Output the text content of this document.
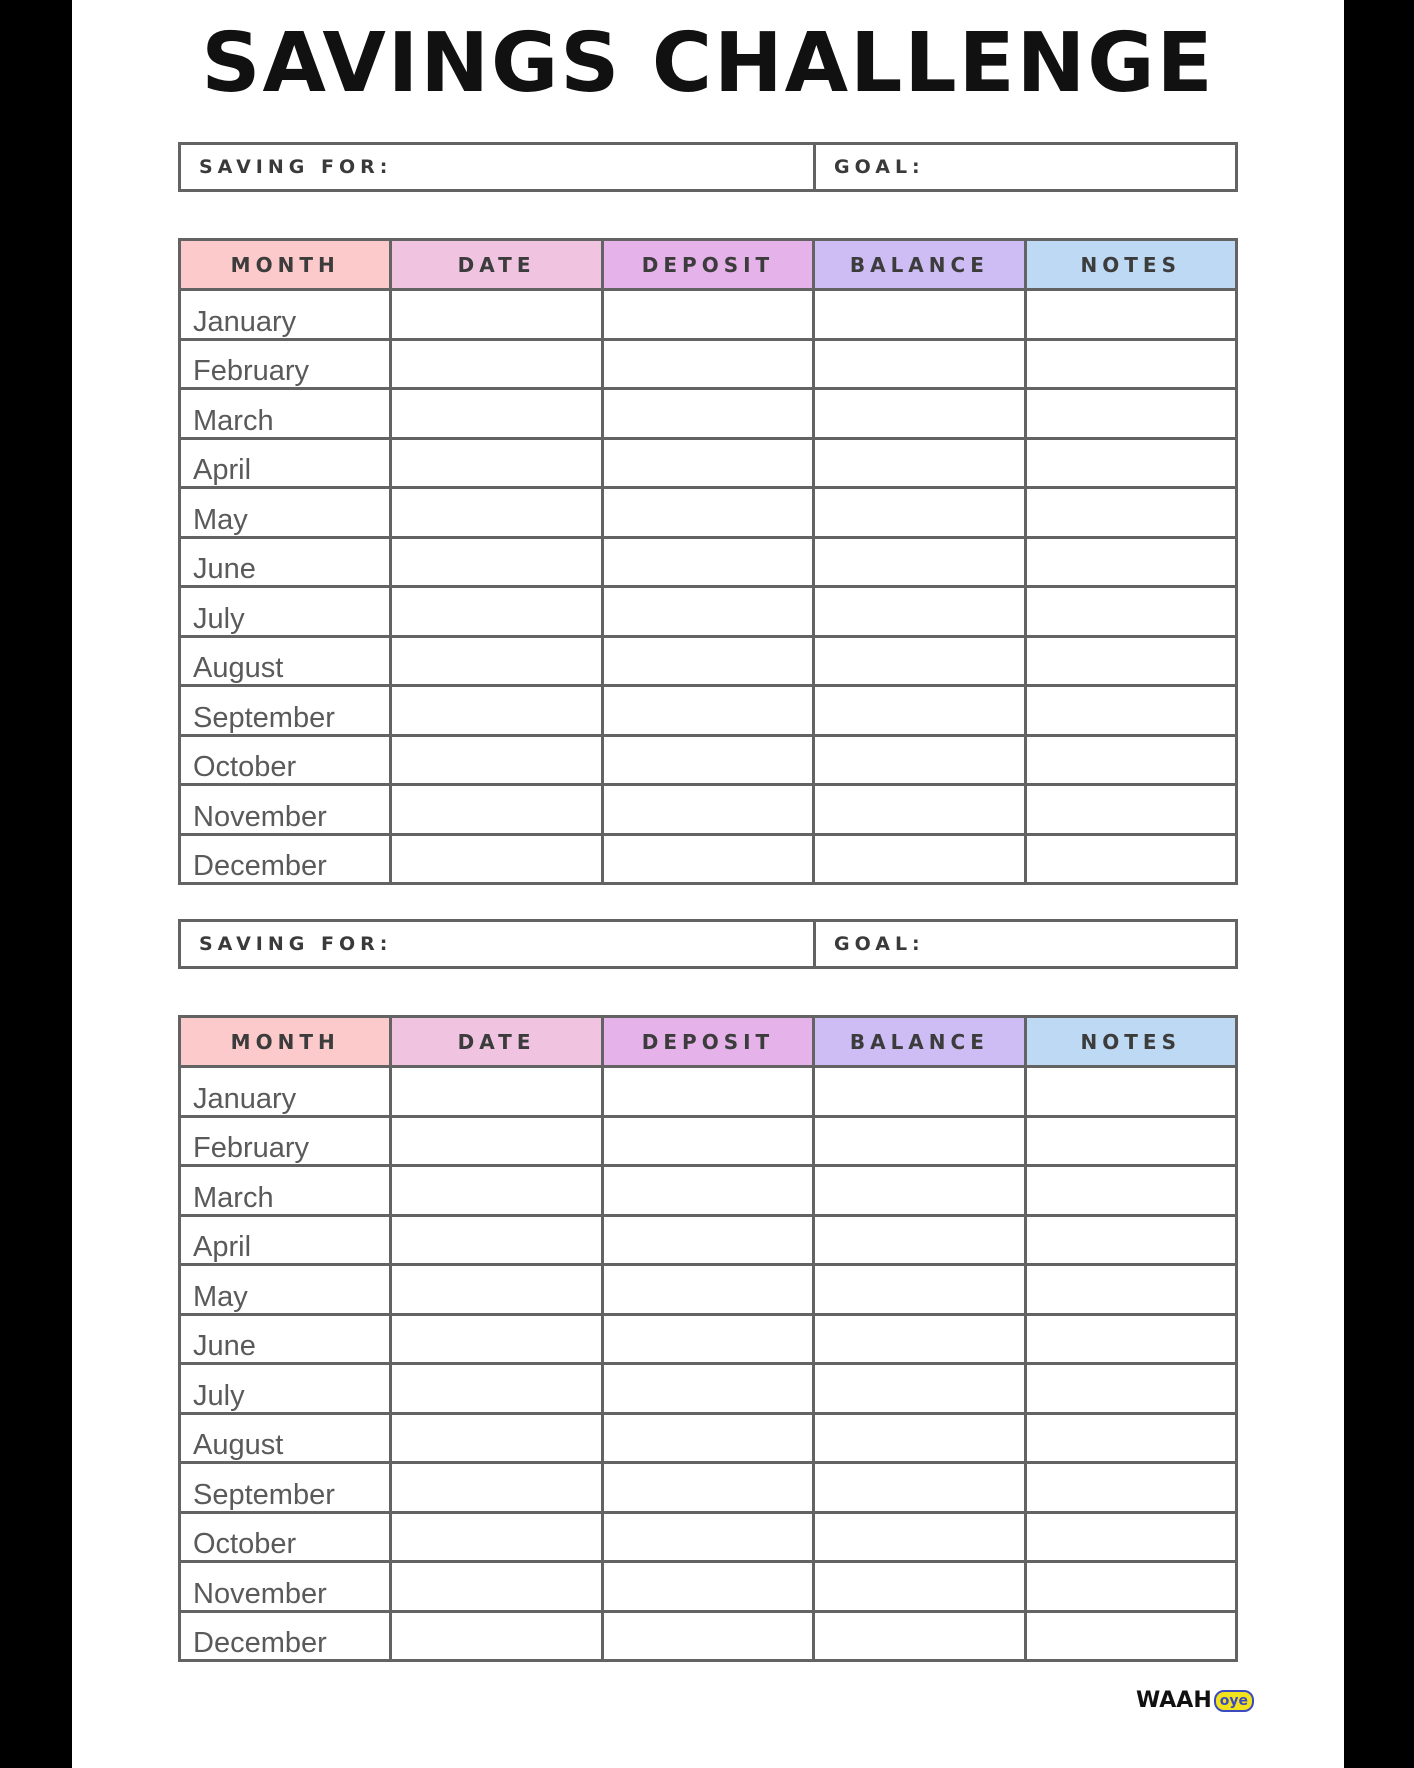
SAVINGS CHALLENGE
SAVING FOR:	GOAL:
MONTH	DATE	DEPOSIT	BALANCE	NOTES
January				
February				
March				
April				
May				
June				
July				
August				
September				
October				
November				
December				
SAVING FOR:	GOAL:
MONTH	DATE	DEPOSIT	BALANCE	NOTES
January				
February				
March				
April				
May				
June				
July				
August				
September				
October				
November				
December				
WAAH oye
